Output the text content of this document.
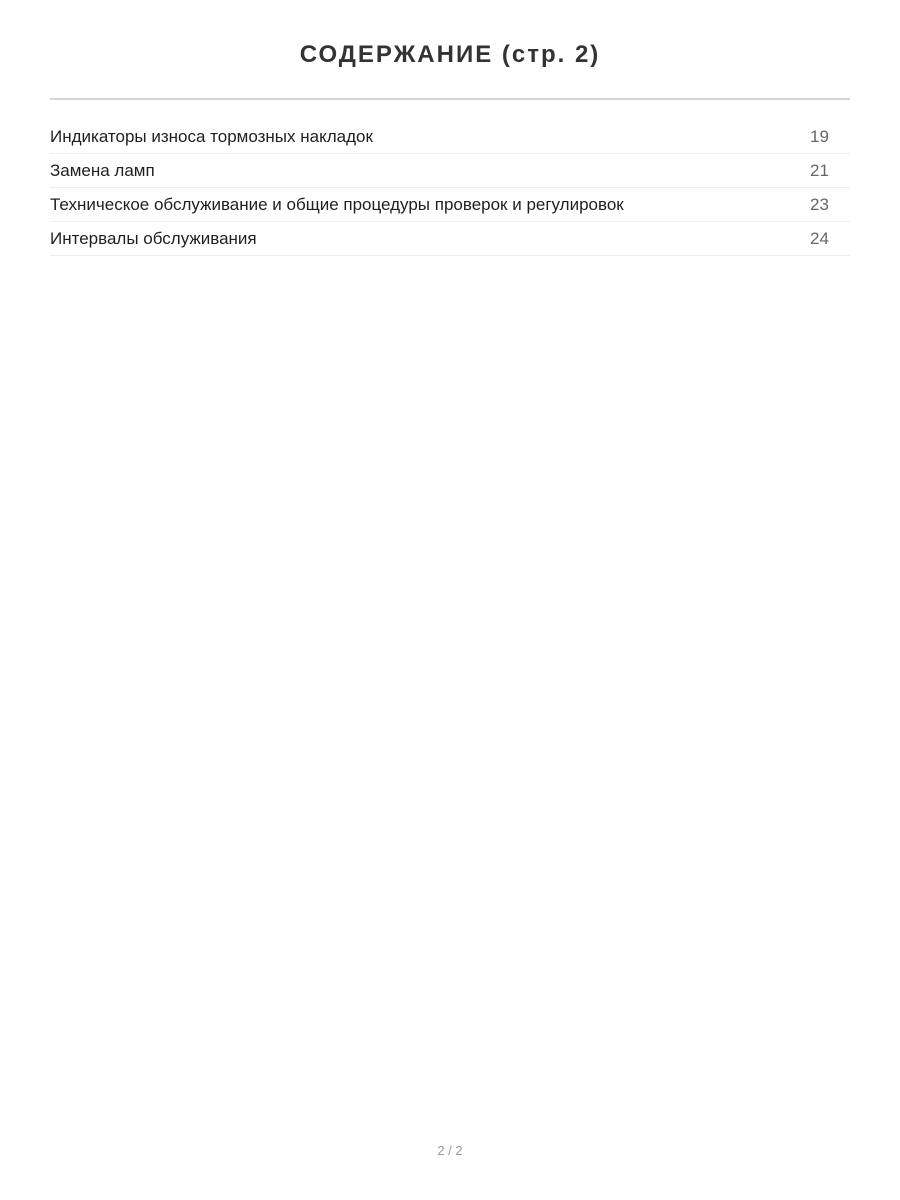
СОДЕРЖАНИЕ (стр. 2)
Индикаторы износа тормозных накладок	19
Замена ламп	21
Техническое обслуживание и общие процедуры проверок и регулировок	23
Интервалы обслуживания	24
2 / 2
